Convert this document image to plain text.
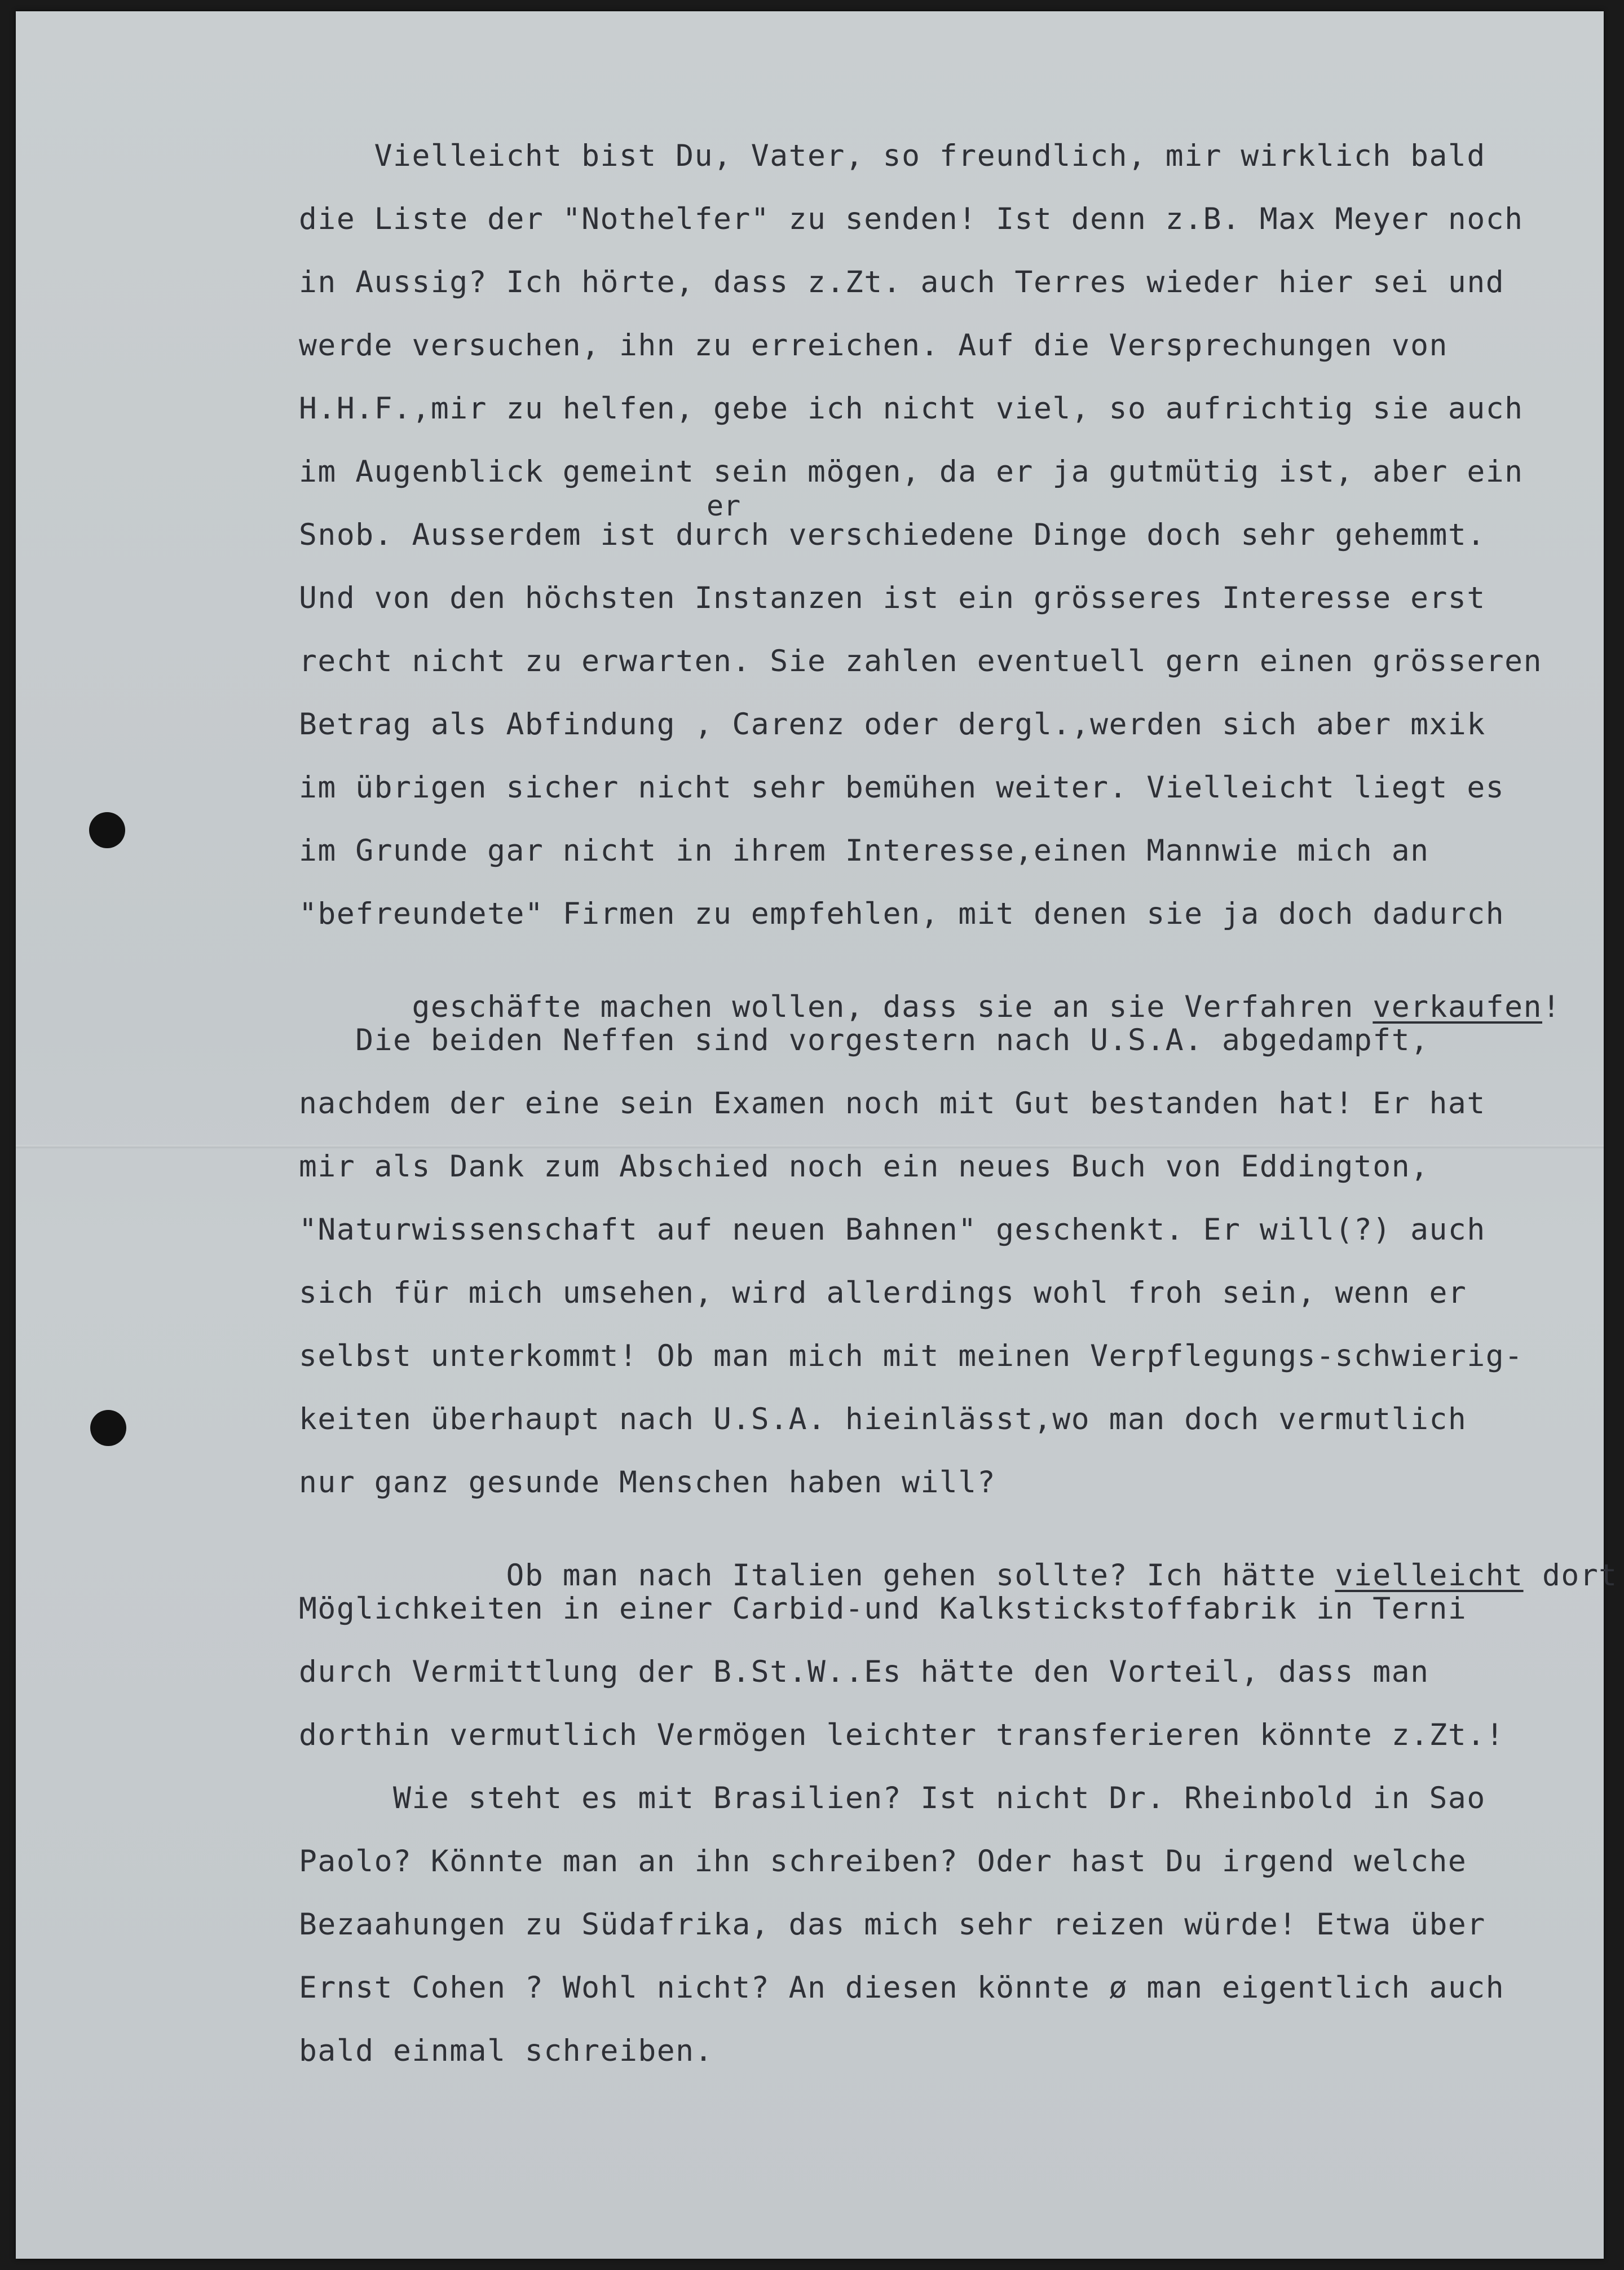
Vielleicht bist Du, Vater, so freundlich, mir wirklich bald
die Liste der "Nothelfer" zu senden! Ist denn z.B. Max Meyer noch
in Aussig? Ich hörte, dass z.Zt. auch Terres wieder hier sei und
werde versuchen, ihn zu erreichen. Auf die Versprechungen von
H.H.F.,mir zu helfen, gebe ich nicht viel, so aufrichtig sie auch
im Augenblick gemeint sein mögen, da er ja gutmütig ist, aber ein
er
Snob. Ausserdem ist durch verschiedene Dinge doch sehr gehemmt.
Und von den höchsten Instanzen ist ein grösseres Interesse erst
recht nicht zu erwarten. Sie zahlen eventuell gern einen grösseren
Betrag als Abfindung , Carenz oder dergl.,werden sich aber mxik
im übrigen sicher nicht sehr bemühen weiter. Vielleicht liegt es
im Grunde gar nicht in ihrem Interesse,einen Mannwie mich an
"befreundete" Firmen zu empfehlen, mit denen sie ja doch dadurch

geschäfte machen wollen, dass sie an sie Verfahren verkaufen!

Die beiden Neffen sind vorgestern nach U.S.A. abgedampft,
nachdem der eine sein Examen noch mit Gut bestanden hat! Er hat
mir als Dank zum Abschied noch ein neues Buch von Eddington,
"Naturwissenschaft auf neuen Bahnen" geschenkt. Er will(?) auch
sich für mich umsehen, wird allerdings wohl froh sein, wenn er
selbst unterkommt! Ob man mich mit meinen Verpflegungs-schwierig-
keiten überhaupt nach U.S.A. hieinlässt,wo man doch vermutlich
nur ganz gesunde Menschen haben will?

Ob man nach Italien gehen sollte? Ich hätte vielleicht dort

Möglichkeiten in einer Carbid-und Kalkstickstoffabrik in Terni
durch Vermittlung der B.St.W..Es hätte den Vorteil, dass man
dorthin vermutlich Vermögen leichter transferieren könnte z.Zt.!
Wie steht es mit Brasilien? Ist nicht Dr. Rheinbold in Sao
Paolo? Könnte man an ihn schreiben? Oder hast Du irgend welche
Bezaahungen zu Südafrika, das mich sehr reizen würde! Etwa über
Ernst Cohen ? Wohl nicht? An diesen könnte ø man eigentlich auch
bald einmal schreiben.
